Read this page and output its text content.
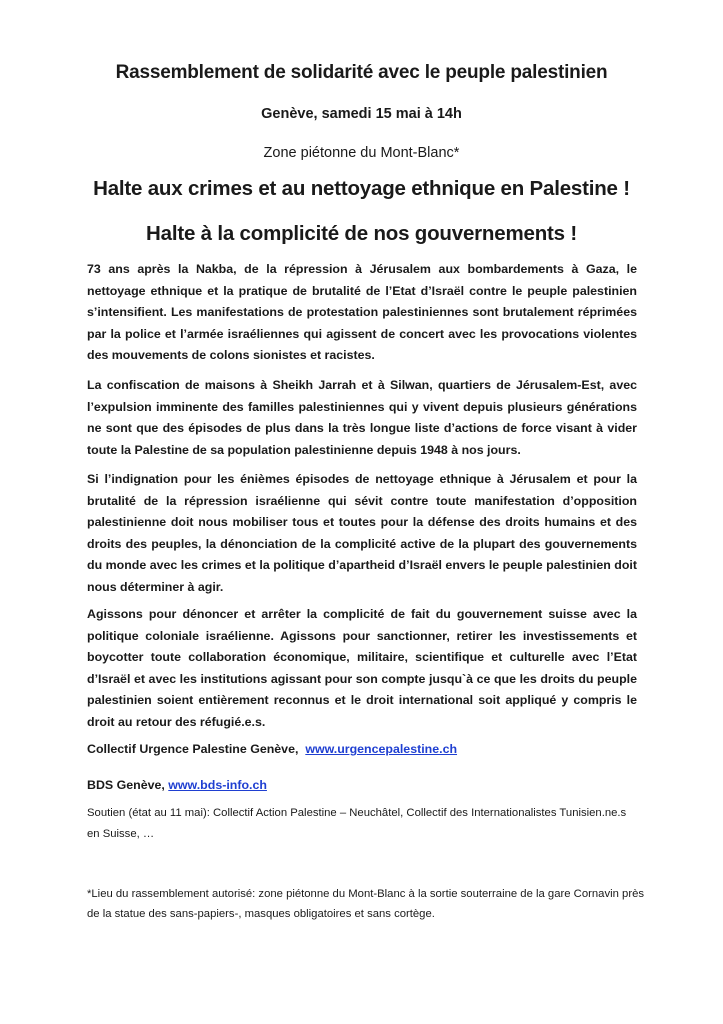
Rassemblement de solidarité avec le peuple palestinien
Genève, samedi 15 mai à 14h
Zone piétonne du Mont-Blanc*
Halte aux crimes et au nettoyage ethnique en Palestine !
Halte à la complicité de nos gouvernements !

73 ans après la Nakba, de la répression à Jérusalem aux bombardements à Gaza, le nettoyage ethnique et la pratique de brutalité de l’Etat d’Israël contre le peuple palestinien s’intensifient. Les manifestations de protestation palestiniennes sont brutalement réprimées par la police et l’armée israéliennes qui agissent de concert avec les provocations violentes des mouvements de colons sionistes et racistes.

La confiscation de maisons à Sheikh Jarrah et à Silwan, quartiers de Jérusalem-Est, avec l’expulsion imminente des familles palestiniennes qui y vivent depuis plusieurs générations ne sont que des épisodes de plus dans la très longue liste d’actions de force visant à vider toute la Palestine de sa population palestinienne depuis 1948 à nos jours.

Si l’indignation pour les énièmes épisodes de nettoyage ethnique à Jérusalem et pour la brutalité de la répression israélienne qui sévit contre toute manifestation d’opposition palestinienne doit nous mobiliser tous et toutes pour la défense des droits humains et des droits des peuples, la dénonciation de la complicité active de la plupart des gouvernements du monde avec les crimes et la politique d’apartheid d’Israël envers le peuple palestinien doit nous déterminer à agir.

Agissons pour dénoncer et arrêter la complicité de fait du gouvernement suisse avec la politique coloniale israélienne. Agissons pour sanctionner, retirer les investissements et boycotter toute collaboration économique, militaire, scientifique et culturelle avec l’Etat d’Israël et avec les institutions agissant pour son compte jusqu`à ce que les droits du peuple palestinien soient entièrement reconnus et le droit international soit appliqué y compris le droit au retour des réfugié.e.s.

Collectif Urgence Palestine Genève, www.urgencepalestine.ch
BDS Genève, www.bds-info.ch

Soutien (état au 11 mai): Collectif Action Palestine – Neuchâtel, Collectif des Internationalistes Tunisien.ne.s en Suisse, …

*Lieu du rassemblement autorisé: zone piétonne du Mont-Blanc à la sortie souterraine de la gare Cornavin près de la statue des sans-papiers-, masques obligatoires et sans cortège.
